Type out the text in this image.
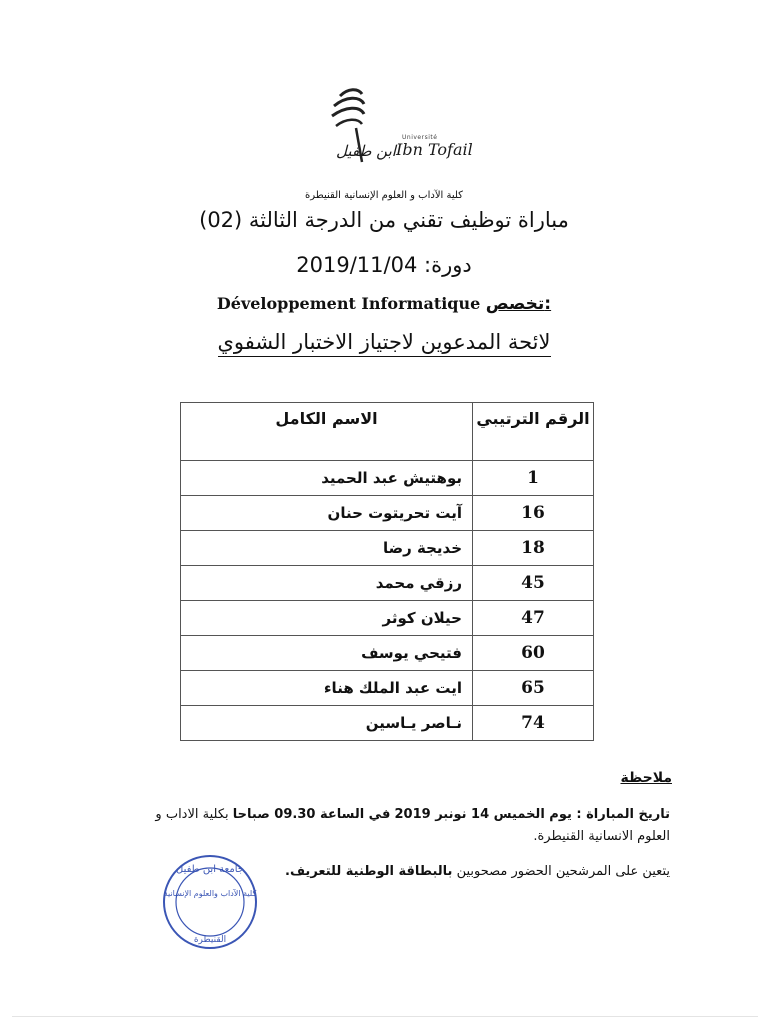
ابن طفيل
Université
Ibn Tofail
كلية الآداب و العلوم الإنسانية القنيطرة
مباراة توظيف تقني من الدرجة الثالثة (02)
دورة: 2019/11/04
Développement Informatique تخصص:
لائحة المدعوين لاجتياز الاختبار الشفوي
الرقم الترتيبي	الاسم الكامل
1	بوهتيش عبد الحميد
16	آيت تحريتوت حنان
18	خديجة رضا
45	رزقي محمد
47	حيلان كوثر
60	فتيحي يوسف
65	ايت عبد الملك هناء
74	نـاصر يـاسين
ملاحظة
تاريخ المباراة : يوم الخميس 14 نونبر 2019 في الساعة 09.30 صباحا بكلية الاداب و العلوم الانسانية القنيطرة.
يتعين على المرشحين الحضور مصحوبين بالبطاقة الوطنية للتعريف.
جامعة ابن طفيل
كلية الآداب والعلوم الإنسانية
القنيطرة
